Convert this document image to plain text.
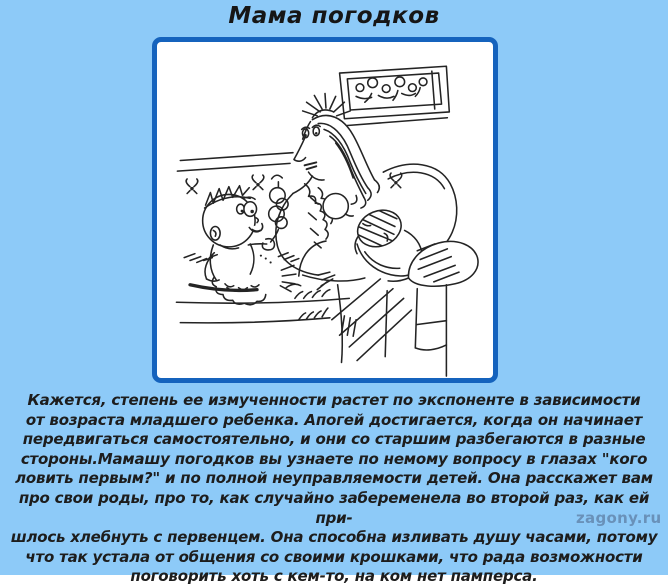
Мама погодков
Кажется, степень ее измученности растет по экспоненте в зависимости
от возраста младшего ребенка. Апогей достигается, когда он начинает
передвигаться самостоятельно, и они со старшим разбегаются в разные
стороны.Мамашу погодков вы узнаете по немому вопросу в глазах "кого
ловить первым?" и по полной неуправляемости детей. Она расскажет вам
про свои роды, про то, как случайно забеременела во второй раз, как ей при-
шлось хлебнуть с первенцем. Она способна изливать душу часами, потому
что так устала от общения со своими крошками, что рада возможности
поговорить хоть с кем-то, на ком нет памперса.
zagony.ru
